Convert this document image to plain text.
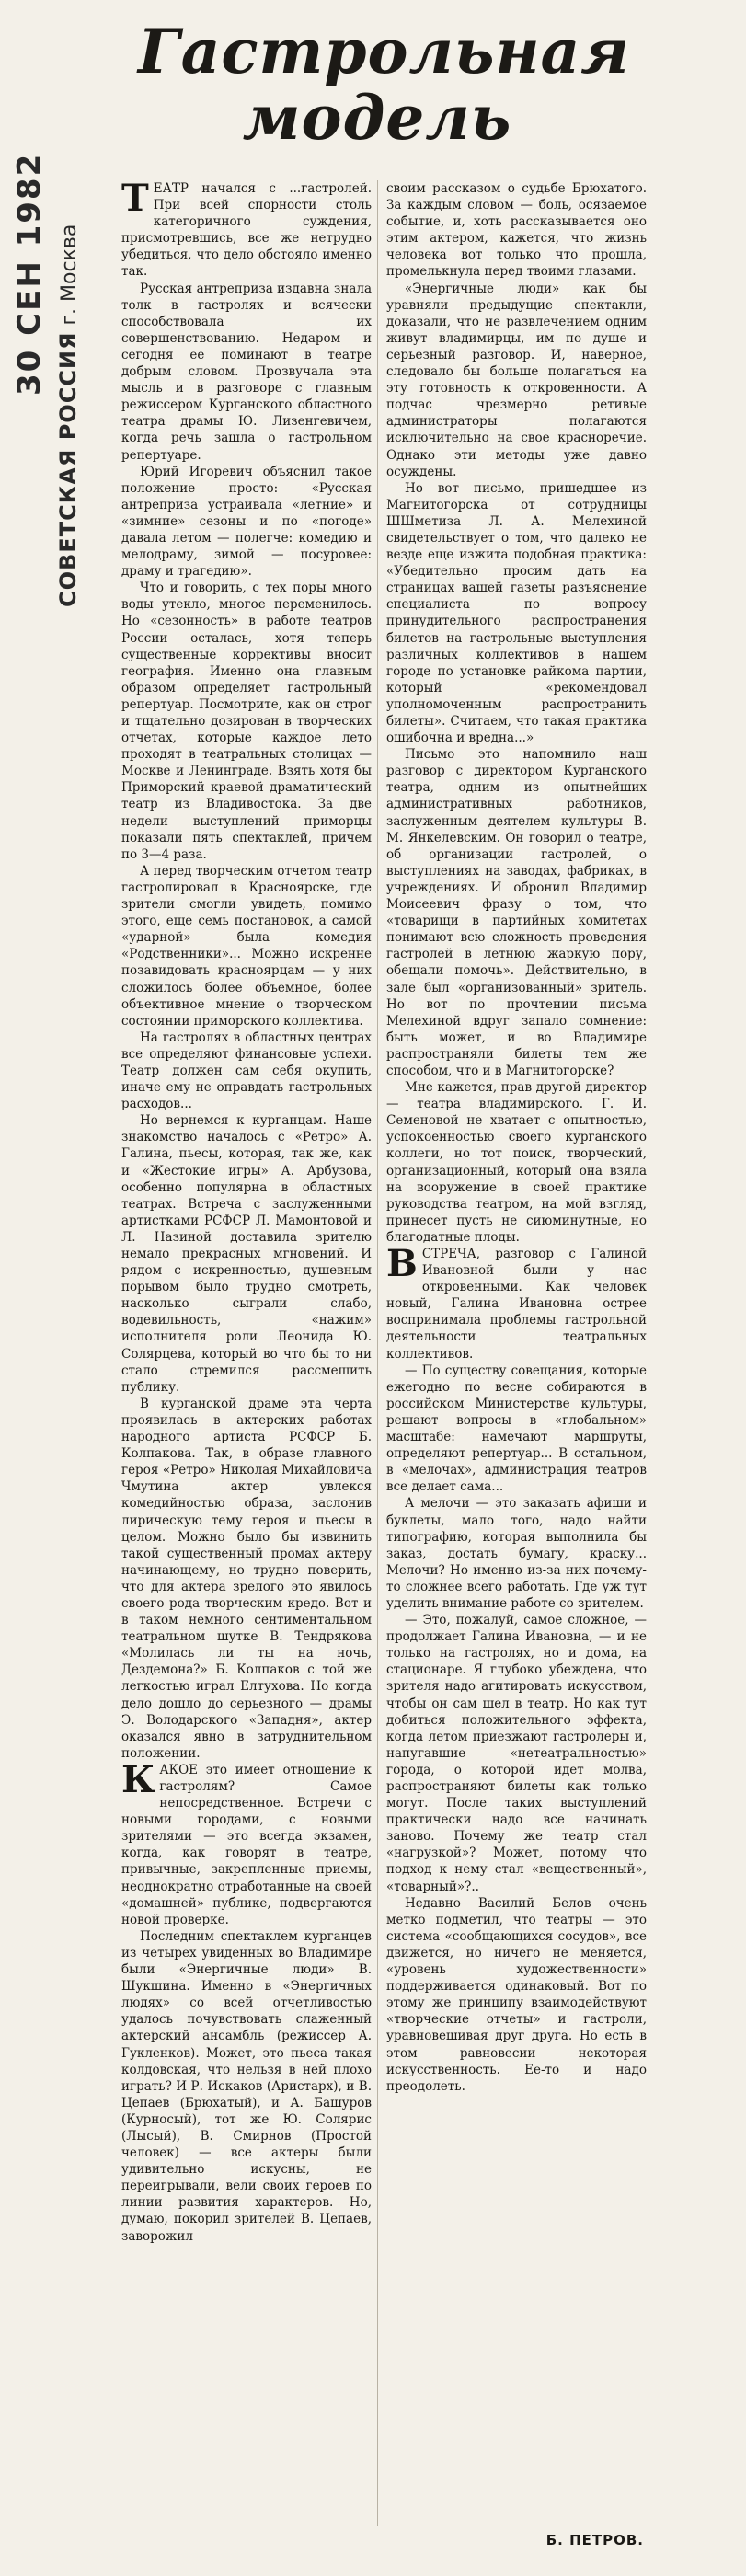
Гастрольная
модель
30 СЕН 1982
СОВЕТСКАЯ РОССИЯ г. Москва

ТЕАТР начался с ...гастролей. При всей спорности столь категоричного суждения, присмотревшись, все же нетрудно убедиться, что дело обстояло именно так.

Русская антреприза издавна знала толк в гастролях и всячески способствовала их совершенствованию. Недаром и сегодня ее поминают в театре добрым словом. Прозвучала эта мысль и в разговоре с главным режиссером Курганского областного театра драмы Ю. Лизенгевичем, когда речь зашла о гастрольном репертуаре.

Юрий Игоревич объяснил такое положение просто: «Русская антреприза устраивала «летние» и «зимние» сезоны и по «погоде» давала летом — полегче: комедию и мелодраму, зимой — посуровее: драму и трагедию».

Что и говорить, с тех поры много воды утекло, многое переменилось. Но «сезонность» в работе театров России осталась, хотя теперь существенные коррективы вносит география. Именно она главным образом определяет гастрольный репертуар. Посмотрите, как он строг и тщательно дозирован в творческих отчетах, которые каждое лето проходят в театральных столицах — Москве и Ленинграде. Взять хотя бы Приморский краевой драматический театр из Владивостока. За две недели выступлений приморцы показали пять спектаклей, причем по 3—4 раза.

А перед творческим отчетом театр гастролировал в Красноярске, где зрители смогли увидеть, помимо этого, еще семь постановок, а самой «ударной» была комедия «Родственники»... Можно искренне позавидовать красноярцам — у них сложилось более объемное, более объективное мнение о творческом состоянии приморского коллектива.

На гастролях в областных центрах все определяют финансовые успехи. Театр должен сам себя окупить, иначе ему не оправдать гастрольных расходов...

Но вернемся к курганцам. Наше знакомство началось с «Ретро» А. Галина, пьесы, которая, так же, как и «Жестокие игры» А. Арбузова, особенно популярна в областных театрах. Встреча с заслуженными артистками РСФСР Л. Мамонтовой и Л. Назиной доставила зрителю немало прекрасных мгновений. И рядом с искренностью, душевным порывом было трудно смотреть, насколько сыграли слабо, водевильность, «нажим» исполнителя роли Леонида Ю. Солярцева, который во что бы то ни стало стремился рассмешить публику.

В курганской драме эта черта проявилась в актерских работах народного артиста РСФСР Б. Колпакова. Так, в образе главного героя «Ретро» Николая Михайловича Чмутина актер увлекся комедийностью образа, заслонив лирическую тему героя и пьесы в целом. Можно было бы извинить такой существенный промах актеру начинающему, но трудно поверить, что для актера зрелого это явилось своего рода творческим кредо. Вот и в таком немного сентиментальном театральном шутке В. Тендрякова «Молилась ли ты на ночь, Дездемона?» Б. Колпаков с той же легкостью играл Елтухова. Но когда дело дошло до серьезного — драмы Э. Володарского «Западня», актер оказался явно в затруднительном положении.

КАКОЕ это имеет отношение к гастролям? Самое непосредственное. Встречи с новыми городами, с новыми зрителями — это всегда экзамен, когда, как говорят в театре, привычные, закрепленные приемы, неоднократно отработанные на своей «домашней» публике, подвергаются новой проверке.

Последним спектаклем курганцев из четырех увиденных во Владимире были «Энергичные люди» В. Шукшина. Именно в «Энергичных людях» со всей отчетливостью удалось почувствовать слаженный актерский ансамбль (режиссер А. Гукленков). Может, это пьеса такая колдовская, что нельзя в ней плохо играть? И Р. Искаков (Аристарх), и В. Цепаев (Брюхатый), и А. Башуров (Курносый), тот же Ю. Солярис (Лысый), В. Смирнов (Простой человек) — все актеры были удивительно искусны, не переигрывали, вели своих героев по линии развития характеров. Но, думаю, покорил зрителей В. Цепаев, заворожил

своим рассказом о судьбе Брюхатого. За каждым словом — боль, осязаемое событие, и, хоть рассказывается оно этим актером, кажется, что жизнь человека вот только что прошла, промелькнула перед твоими глазами.

«Энергичные люди» как бы уравняли предыдущие спектакли, доказали, что не развлечением одним живут владимирцы, им по душе и серьезный разговор. И, наверное, следовало бы больше полагаться на эту готовность к откровенности. А подчас чрезмерно ретивые администраторы полагаются исключительно на свое красноречие. Однако эти методы уже давно осуждены.

Но вот письмо, пришедшее из Магнитогорска от сотрудницы ШШметиза Л. А. Мелехиной свидетельствует о том, что далеко не везде еще изжита подобная практика: «Убедительно просим дать на страницах вашей газеты разъяснение специалиста по вопросу принудительного распространения билетов на гастрольные выступления различных коллективов в нашем городе по установке райкома партии, который «рекомендовал уполномоченным распространить билеты». Считаем, что такая практика ошибочна и вредна...»

Письмо это напомнило наш разговор с директором Курганского театра, одним из опытнейших административных работников, заслуженным деятелем культуры В. М. Янкелевским. Он говорил о театре, об организации гастролей, о выступлениях на заводах, фабриках, в учреждениях. И обронил Владимир Моисеевич фразу о том, что «товарищи в партийных комитетах понимают всю сложность проведения гастролей в летнюю жаркую пору, обещали помочь». Действительно, в зале был «организованный» зритель. Но вот по прочтении письма Мелехиной вдруг запало сомнение: быть может, и во Владимире распространяли билеты тем же способом, что и в Магнитогорске?

Мне кажется, прав другой директор — театра владимирского. Г. И. Семеновой не хватает с опытностью, успокоенностью своего курганского коллеги, но тот поиск, творческий, организационный, который она взяла на вооружение в своей практике руководства театром, на мой взгляд, принесет пусть не сиюминутные, но благодатные плоды.

ВСТРЕЧА, разговор с Галиной Ивановной были у нас откровенными. Как человек новый, Галина Ивановна острее воспринимала проблемы гастрольной деятельности театральных коллективов.

— По существу совещания, которые ежегодно по весне собираются в российском Министерстве культуры, решают вопросы в «глобальном» масштабе: намечают маршруты, определяют репертуар... В остальном, в «мелочах», администрация театров все делает сама...

А мелочи — это заказать афиши и буклеты, мало того, надо найти типографию, которая выполнила бы заказ, достать бумагу, краску... Мелочи? Но именно из-за них почему-то сложнее всего работать. Где уж тут уделить внимание работе со зрителем.

— Это, пожалуй, самое сложное, — продолжает Галина Ивановна, — и не только на гастролях, но и дома, на стационаре. Я глубоко убеждена, что зрителя надо агитировать искусством, чтобы он сам шел в театр. Но как тут добиться положительного эффекта, когда летом приезжают гастролеры и, напугавшие «нетеатральностью» города, о которой идет молва, распространяют билеты как только могут. После таких выступлений практически надо все начинать заново. Почему же театр стал «нагрузкой»? Может, потому что подход к нему стал «вещественный», «товарный»?..

Недавно Василий Белов очень метко подметил, что театры — это система «сообщающихся сосудов», все движется, но ничего не меняется, «уровень художественности» поддерживается одинаковый. Вот по этому же принципу взаимодействуют «творческие отчеты» и гастроли, уравновешивая друг друга. Но есть в этом равновесии некоторая искусственность. Ее-то и надо преодолеть.

Б. ПЕТРОВ.
